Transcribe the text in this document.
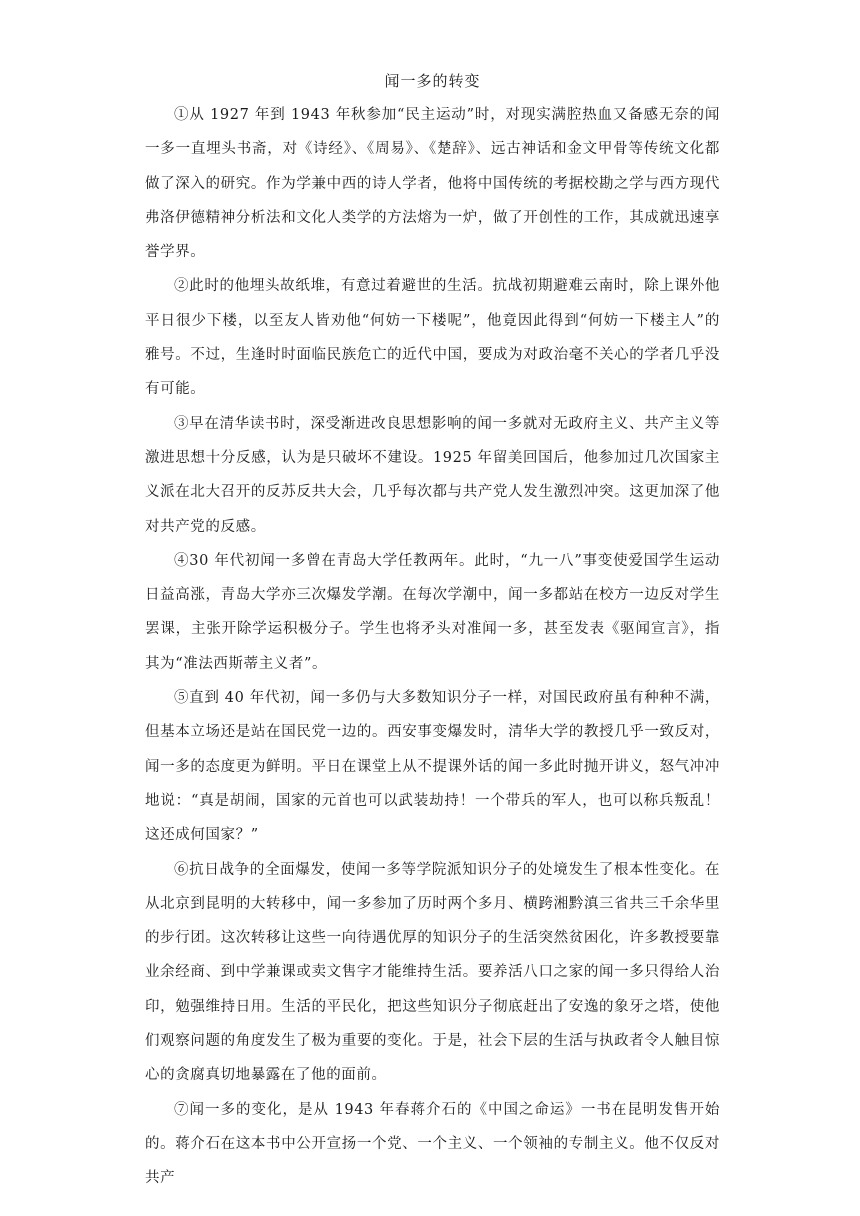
闻一多的转变

①从 1927 年到 1943 年秋参加“民主运动”时，对现实满腔热血又备感无奈的闻一多一直埋头书斋，对《诗经》、《周易》、《楚辞》、远古神话和金文甲骨等传统文化都做了深入的研究。作为学兼中西的诗人学者，他将中国传统的考据校勘之学与西方现代弗洛伊德精神分析法和文化人类学的方法熔为一炉，做了开创性的工作，其成就迅速享誉学界。

②此时的他埋头故纸堆，有意过着避世的生活。抗战初期避难云南时，除上课外他平日很少下楼，以至友人皆劝他“何妨一下楼呢”，他竟因此得到“何妨一下楼主人”的雅号。不过，生逢时时面临民族危亡的近代中国，要成为对政治毫不关心的学者几乎没有可能。

③早在清华读书时，深受渐进改良思想影响的闻一多就对无政府主义、共产主义等激进思想十分反感，认为是只破坏不建设。1925 年留美回国后，他参加过几次国家主义派在北大召开的反苏反共大会，几乎每次都与共产党人发生激烈冲突。这更加深了他对共产党的反感。

④30 年代初闻一多曾在青岛大学任教两年。此时，“九一八”事变使爱国学生运动日益高涨，青岛大学亦三次爆发学潮。在每次学潮中，闻一多都站在校方一边反对学生罢课，主张开除学运积极分子。学生也将矛头对准闻一多，甚至发表《驱闻宣言》，指其为“准法西斯蒂主义者”。

⑤直到 40 年代初，闻一多仍与大多数知识分子一样，对国民政府虽有种种不满，但基本立场还是站在国民党一边的。西安事变爆发时，清华大学的教授几乎一致反对，闻一多的态度更为鲜明。平日在课堂上从不提课外话的闻一多此时抛开讲义，怒气冲冲地说：“真是胡闹，国家的元首也可以武装劫持！一个带兵的军人，也可以称兵叛乱！这还成何国家？”

⑥抗日战争的全面爆发，使闻一多等学院派知识分子的处境发生了根本性变化。在从北京到昆明的大转移中，闻一多参加了历时两个多月、横跨湘黔滇三省共三千余华里的步行团。这次转移让这些一向待遇优厚的知识分子的生活突然贫困化，许多教授要靠业余经商、到中学兼课或卖文售字才能维持生活。要养活八口之家的闻一多只得给人治印，勉强维持日用。生活的平民化，把这些知识分子彻底赶出了安逸的象牙之塔，使他们观察问题的角度发生了极为重要的变化。于是，社会下层的生活与执政者令人触目惊心的贪腐真切地暴露在了他的面前。

⑦闻一多的变化，是从 1943 年春蒋介石的《中国之命运》一书在昆明发售开始的。蒋介石在这本书中公开宣扬一个党、一个主义、一个领袖的专制主义。他不仅反对共产
